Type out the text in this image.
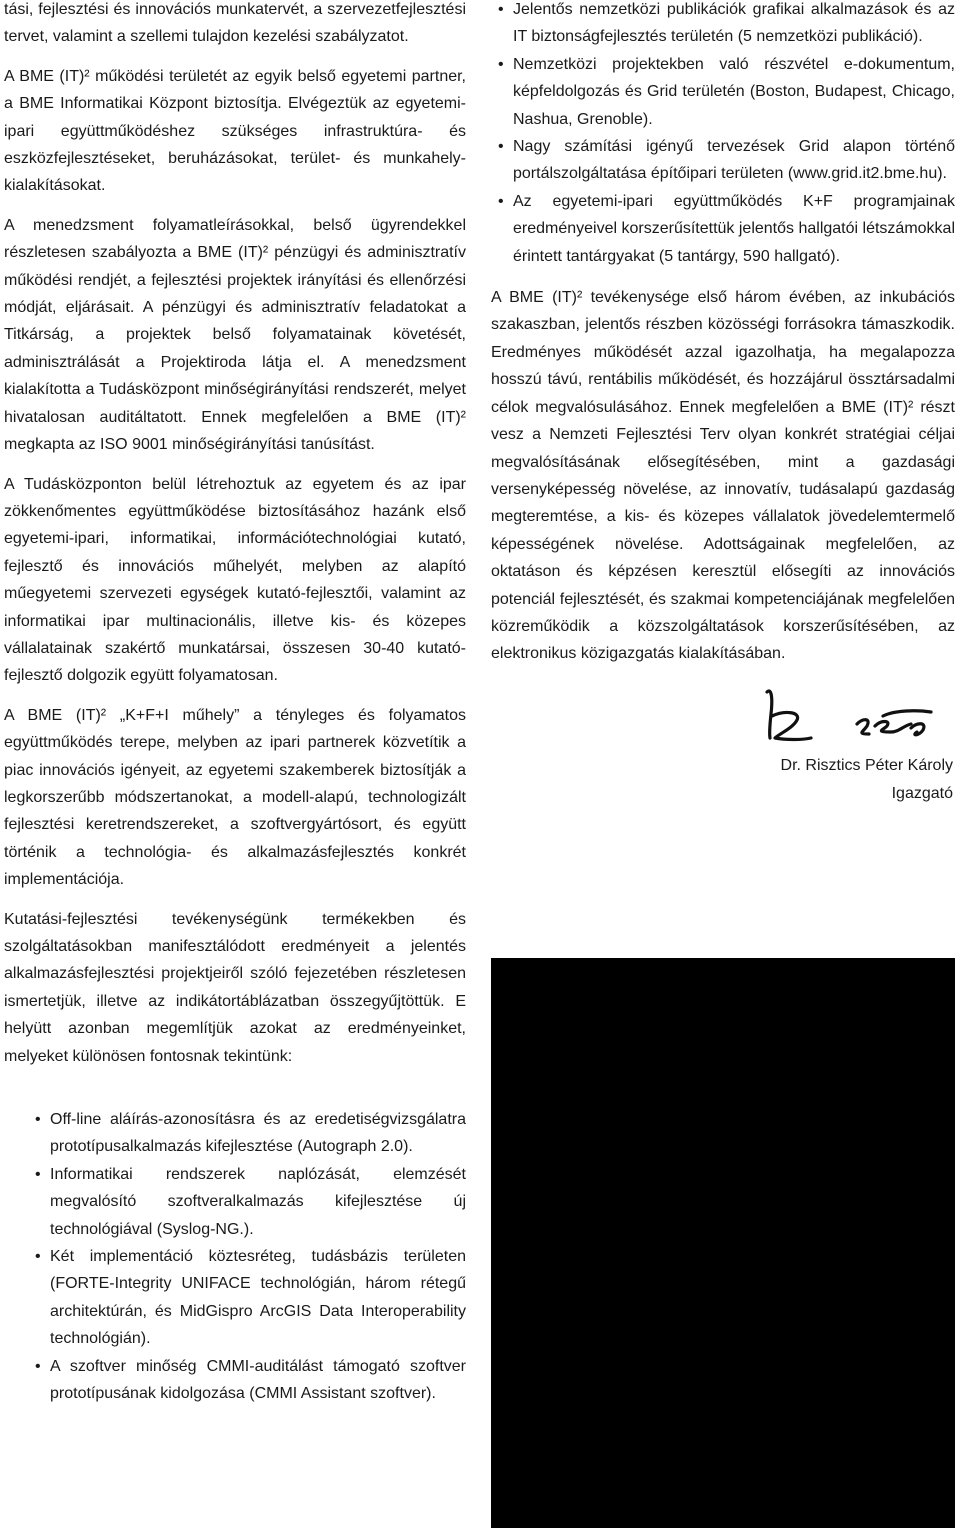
tási, fejlesztési és innovációs munkatervét, a szervezetfejlesztési tervet, valamint a szellemi tulajdon kezelési szabályzatot.

A BME (IT)² működési területét az egyik belső egyetemi partner, a BME Informatikai Központ biztosítja. Elvégeztük az egyetemi-ipari együttműködéshez szükséges infrastruktúra- és eszközfejlesztéseket, beruházásokat, terület- és munkahely- kialakításokat.

A menedzsment folyamatleírásokkal, belső ügyrendekkel részletesen szabályozta a BME (IT)² pénzügyi és adminisztratív működési rendjét, a fejlesztési projektek irányítási és ellenőrzési módját, eljárásait. A pénzügyi és adminisztratív feladatokat a Titkárság, a projektek belső folyamatainak követését, adminisztrálását a Projektiroda látja el. A menedzsment kialakította a Tudásközpont minőségirányítási rendszerét, melyet hivatalosan auditáltatott. Ennek megfelelően a BME (IT)² megkapta az ISO 9001 minőségirányítási tanúsítást.

A Tudásközponton belül létrehoztuk az egyetem és az ipar zökkenőmentes együttműködése biztosításához hazánk első egyetemi-ipari, informatikai, információtechnológiai kutató, fejlesztő és innovációs műhelyét, melyben az alapító műegyetemi szervezeti egységek kutató-fejlesztői, valamint az informatikai ipar multinacionális, illetve kis- és közepes vállalatainak szakértő munkatársai, összesen 30-40 kutató-fejlesztő dolgozik együtt folyamatosan.

A BME (IT)² „K+F+I műhely” a tényleges és folyamatos együttműködés terepe, melyben az ipari partnerek közvetítik a piac innovációs igényeit, az egyetemi szakemberek biztosítják a legkorszerűbb módszertanokat, a modell-alapú, technologizált fejlesztési keretrendszereket, a szoftvergyártósort, és együtt történik a technológia- és alkalmazásfejlesztés konkrét implementációja.

Kutatási-fejlesztési tevékenységünk termékekben és szolgáltatásokban manifesztálódott eredményeit a jelentés alkalmazásfejlesztési projektjeiről szóló fejezetében részletesen ismertetjük, illetve az indikátortáblázatban összegyűjtöttük. E helyütt azonban megemlítjük azokat az eredményeinket, melyeket különösen fontosnak tekintünk:

• Off-line aláírás-azonosításra és az eredetiségvizsgálatra prototípusalkalmazás kifejlesztése (Autograph 2.0).
• Informatikai rendszerek naplózását, elemzését megvalósító szoftveralkalmazás kifejlesztése új technológiával (Syslog-NG.).
• Két implementáció köztesréteg, tudásbázis területen (FORTE-Integrity UNIFACE technológián, három rétegű architektúrán, és MidGispro ArcGIS Data Interoperability technológián).
• A szoftver minőség CMMI-auditálást támogató szoftver prototípusának kidolgozása (CMMI Assistant szoftver).
• Jelentős nemzetközi publikációk grafikai alkalmazások és az IT biztonságfejlesztés területén (5 nemzetközi publikáció).
• Nemzetközi projektekben való részvétel e-dokumentum, képfeldolgozás és Grid területén (Boston, Budapest, Chicago, Nashua, Grenoble).
• Nagy számítási igényű tervezések Grid alapon történő portálszolgáltatása építőipari területen (www.grid.it2.bme.hu).
• Az egyetemi-ipari együttműködés K+F programjainak eredményeivel korszerűsítettük jelentős hallgatói létszámokkal érintett tantárgyakat (5 tantárgy, 590 hallgató).

A BME (IT)² tevékenysége első három évében, az inkubációs szakaszban, jelentős részben közösségi forrásokra támaszkodik. Eredményes működését azzal igazolhatja, ha megalapozza hosszú távú, rentábilis működését, és hozzájárul össztársadalmi célok megvalósulásához. Ennek megfelelően a BME (IT)² részt vesz a Nemzeti Fejlesztési Terv olyan konkrét stratégiai céljai megvalósításának elősegítésében, mint a gazdasági versenyképesség növelése, az innovatív, tudásalapú gazdaság megteremtése, a kis- és közepes vállalatok jövedelemtermelő képességének növelése. Adottságainak megfelelően, az oktatáson és képzésen keresztül elősegíti az innovációs potenciál fejlesztését, és szakmai kompetenciájának megfelelően közreműködik a közszolgáltatások korszerűsítésében, az elektronikus közigazgatás kialakításában.

Dr. Risztics Péter Károly
Igazgató
